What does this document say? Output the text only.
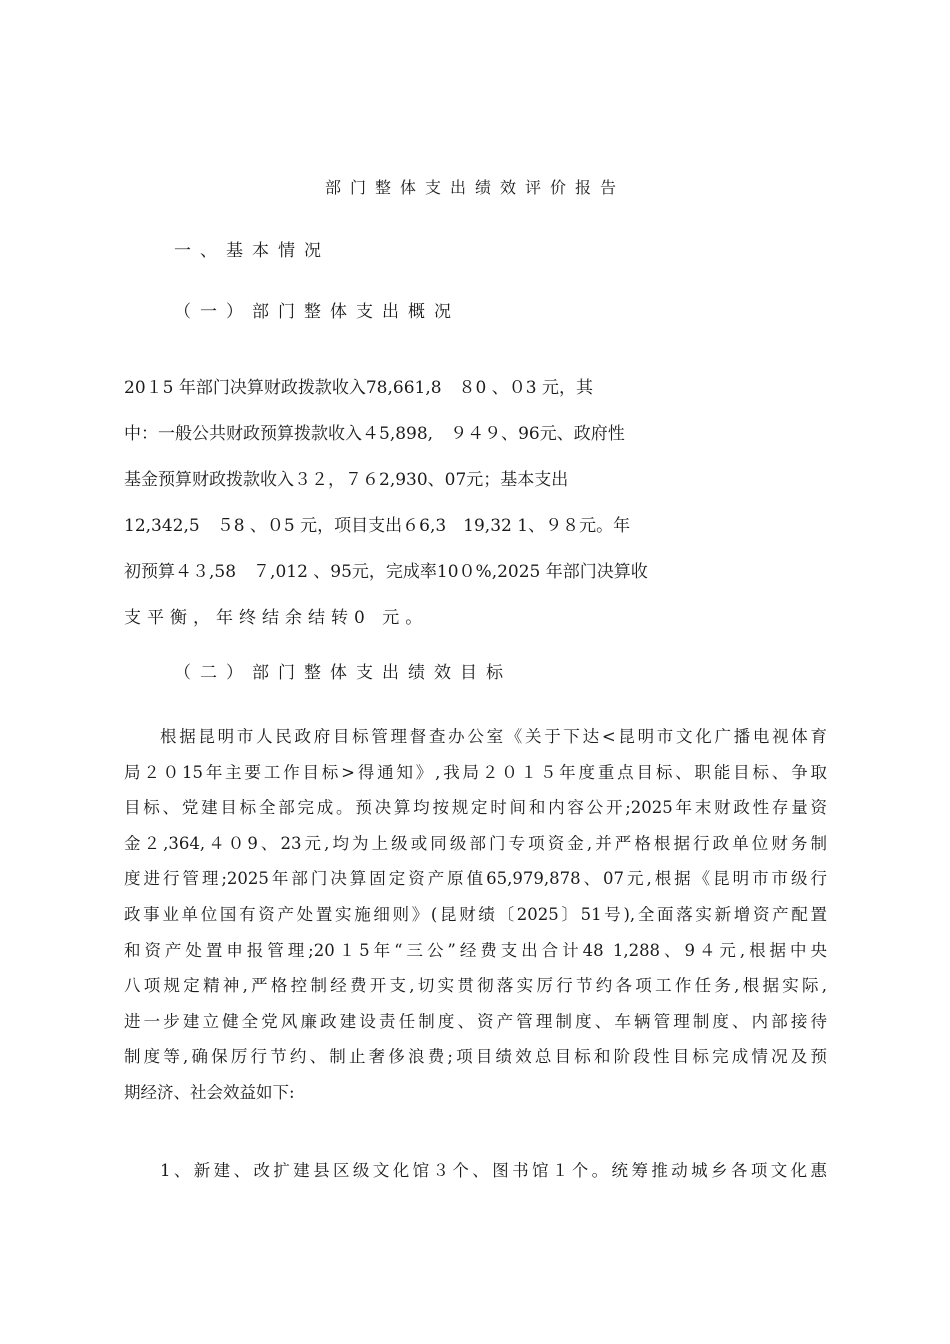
部门整体支出绩效评价报告
一、基本情况
（一）部门整体支出概况
20１5 年部门决算财政拨款收入78,661,8　８0 、０3 元，其
中：一般公共财政预算拨款收入４5,898,　９４９、96元、政府性
基金预算财政拨款收入３２，７６2,930、07元；基本支出
12,342,5　５8 、０5 元，项目支出６6,3　19,32 1、９８元。年
初预算４３,58　７,012 、95元，完成率10０%,2025 年部门决算收
支平衡，年终结余结转0 元。
（二）部门整体支出绩效目标
根据昆明市人民政府目标管理督查办公室《关于下达<昆明市文化广播电视体育
局２０15年主要工作目标>得通知》,我局２０１５年度重点目标、职能目标、争取
目标、党建目标全部完成。预决算均按规定时间和内容公开;2025年末财政性存量资
金２,364,４０9、23元,均为上级或同级部门专项资金,并严格根据行政单位财务制
度进行管理;2025年部门决算固定资产原值65,979,878、07元,根据《昆明市市级行
政事业单位国有资产处置实施细则》(昆财绩〔2025〕51号),全面落实新增资产配置
和资产处置申报管理;20１5年“三公”经费支出合计48 1,288、9４元,根据中央
八项规定精神,严格控制经费开支,切实贯彻落实厉行节约各项工作任务,根据实际,
进一步建立健全党风廉政建设责任制度、资产管理制度、车辆管理制度、内部接待
制度等,确保厉行节约、制止奢侈浪费;项目绩效总目标和阶段性目标完成情况及预
期经济、社会效益如下:
1、新建、改扩建县区级文化馆３个、图书馆１个。统筹推动城乡各项文化惠
